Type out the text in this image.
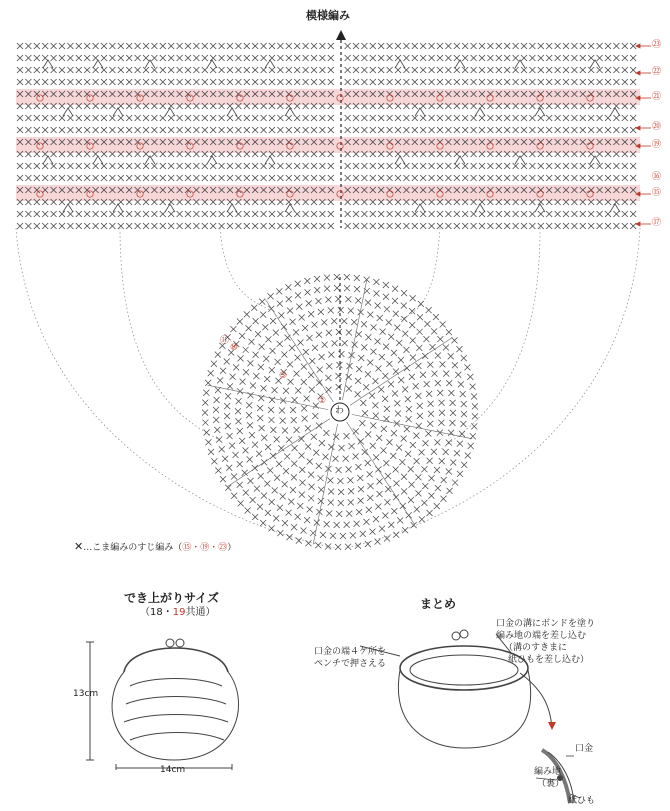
模様編み
㉓
㉒
㉑
⑳
⑲
⑮
⑯
⑰
わ
⑪
⑩
⑤
①
✕…こま編みのすじ編み（⑮・⑲・㉓）
でき上がりサイズ
（18・19共通）
13cm
14cm
まとめ
口金の端４ケ所を
ペンチで押さえる
口金の溝にボンドを塗り
編み地の端を差し込む
（溝のすきまに
紙ひもを差し込む）
口金
編み地
（裏）
紙ひも
